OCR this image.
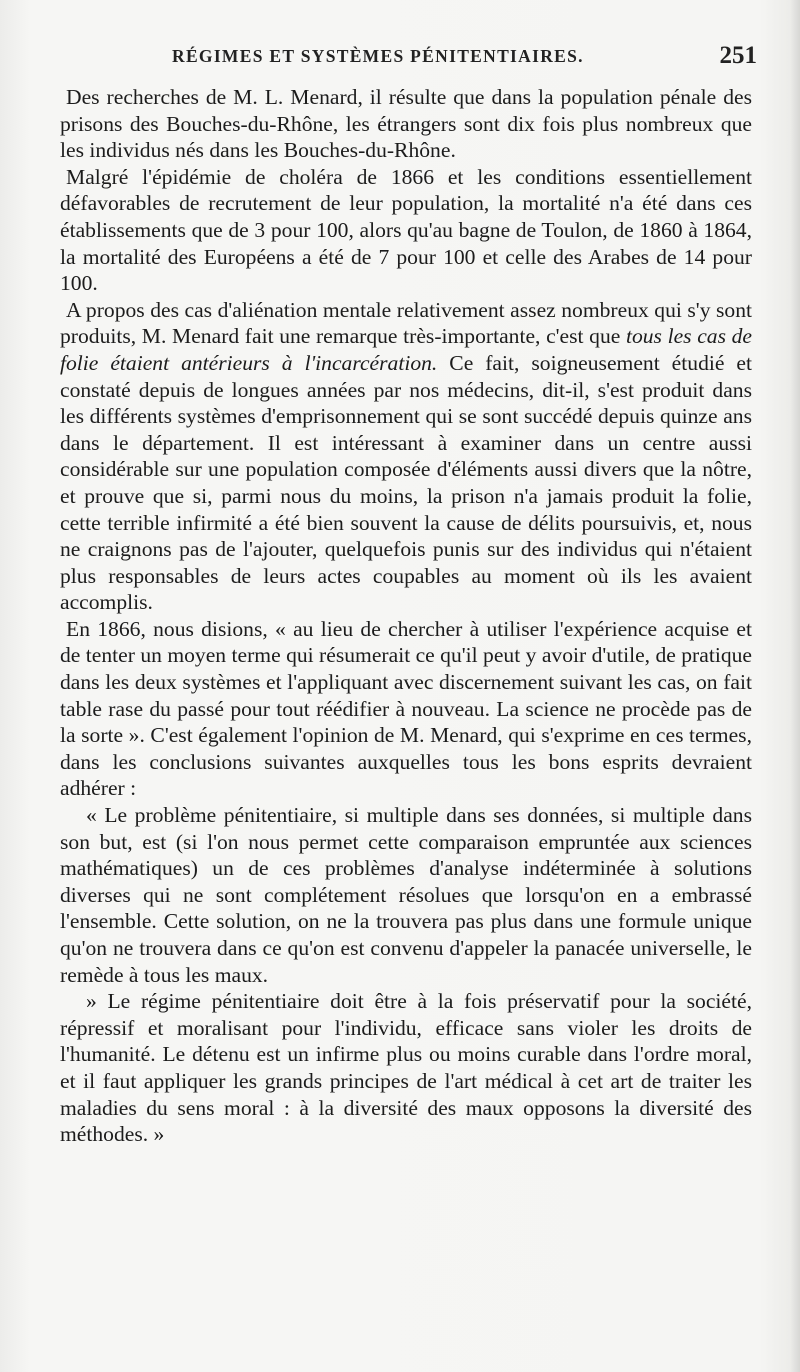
RÉGIMES ET SYSTÈMES PÉNITENTIAIRES.	251

Des recherches de M. L. Menard, il résulte que dans la population pénale des prisons des Bouches-du-Rhône, les étrangers sont dix fois plus nombreux que les individus nés dans les Bouches-du-Rhône.

Malgré l'épidémie de choléra de 1866 et les conditions essentiellement défavorables de recrutement de leur population, la mortalité n'a été dans ces établissements que de 3 pour 100, alors qu'au bagne de Toulon, de 1860 à 1864, la mortalité des Européens a été de 7 pour 100 et celle des Arabes de 14 pour 100.

A propos des cas d'aliénation mentale relativement assez nombreux qui s'y sont produits, M. Menard fait une remarque très-importante, c'est que tous les cas de folie étaient antérieurs à l'incarcération. Ce fait, soigneusement étudié et constaté depuis de longues années par nos médecins, dit-il, s'est produit dans les différents systèmes d'emprisonnement qui se sont succédé depuis quinze ans dans le département. Il est intéressant à examiner dans un centre aussi considérable sur une population composée d'éléments aussi divers que la nôtre, et prouve que si, parmi nous du moins, la prison n'a jamais produit la folie, cette terrible infirmité a été bien souvent la cause de délits poursuivis, et, nous ne craignons pas de l'ajouter, quelquefois punis sur des individus qui n'étaient plus responsables de leurs actes coupables au moment où ils les avaient accomplis.

En 1866, nous disions, « au lieu de chercher à utiliser l'expérience acquise et de tenter un moyen terme qui résumerait ce qu'il peut y avoir d'utile, de pratique dans les deux systèmes et l'appliquant avec discernement suivant les cas, on fait table rase du passé pour tout réédifier à nouveau. La science ne procède pas de la sorte ». C'est également l'opinion de M. Menard, qui s'exprime en ces termes, dans les conclusions suivantes auxquelles tous les bons esprits devraient adhérer :

« Le problème pénitentiaire, si multiple dans ses données, si multiple dans son but, est (si l'on nous permet cette comparaison empruntée aux sciences mathématiques) un de ces problèmes d'analyse indéterminée à solutions diverses qui ne sont complétement résolues que lorsqu'on en a embrassé l'ensemble. Cette solution, on ne la trouvera pas plus dans une formule unique qu'on ne trouvera dans ce qu'on est convenu d'appeler la panacée universelle, le remède à tous les maux.

» Le régime pénitentiaire doit être à la fois préservatif pour la société, répressif et moralisant pour l'individu, efficace sans violer les droits de l'humanité. Le détenu est un infirme plus ou moins curable dans l'ordre moral, et il faut appliquer les grands principes de l'art médical à cet art de traiter les maladies du sens moral : à la diversité des maux opposons la diversité des méthodes. »
